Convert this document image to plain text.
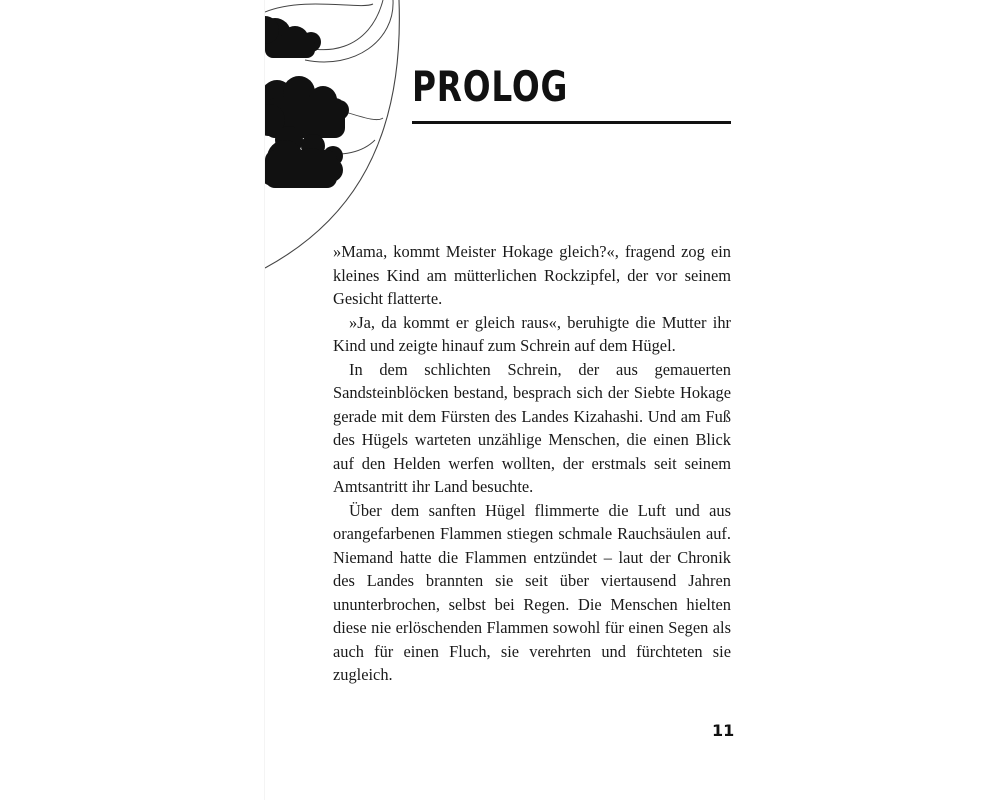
PROLOG

»Mama, kommt Meister Hokage gleich?«, fragend zog ein kleines Kind am mütterlichen Rockzipfel, der vor seinem Gesicht flatterte.

»Ja, da kommt er gleich raus«, beruhigte die Mutter ihr Kind und zeigte hinauf zum Schrein auf dem Hügel.

In dem schlichten Schrein, der aus gemauerten Sandsteinblöcken bestand, besprach sich der Siebte Hokage gerade mit dem Fürsten des Landes Kizahashi. Und am Fuß des Hügels warteten unzählige Menschen, die einen Blick auf den Helden werfen wollten, der erstmals seit seinem Amtsantritt ihr Land besuchte.

Über dem sanften Hügel flimmerte die Luft und aus orangefarbenen Flammen stiegen schmale Rauchsäulen auf. Niemand hatte die Flammen entzündet – laut der Chronik des Landes brannten sie seit über viertausend Jahren ununterbrochen, selbst bei Regen. Die Menschen hielten diese nie erlöschenden Flammen sowohl für einen Segen als auch für einen Fluch, sie verehrten und fürchteten sie zugleich.

11
